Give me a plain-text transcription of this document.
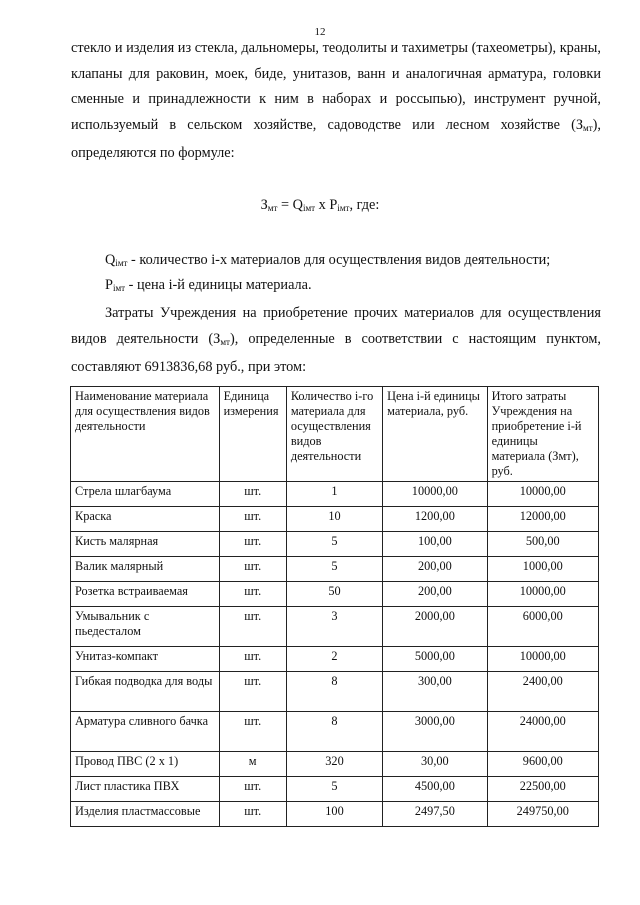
12
стекло и изделия из стекла, дальномеры, теодолиты и тахиметры (тахеометры), краны, клапаны для раковин, моек, биде, унитазов, ванн и аналогичная арматура, головки сменные и принадлежности к ним в наборах и россыпью), инструмент ручной, используемый в сельском хозяйстве, садоводстве или лесном хозяйстве $(З_{мт})$, определяются по формуле:
$З_{мт} = Q_{iмт}$ x $P_{iмт}$, где:
$Q_{iмт}$ - количество i-х материалов для осуществления видов деятельности;
$P_{iмт}$ - цена i-й единицы материала.
Затраты Учреждения на приобретение прочих материалов для осуществления видов деятельности $(З_{мт})$, определенные в соответствии с настоящим пунктом, составляют 6913836,68 руб., при этом:
Наименование материала для осуществления видов деятельности	Единица измерения	Количество i-го материала для осуществления видов деятельности	Цена i-й единицы материала, руб.	Итого затраты Учреждения на приобретение i-й единицы материала (Змт), руб.
Стрела шлагбаума	шт.	1	10000,00	10000,00
Краска	шт.	10	1200,00	12000,00
Кисть малярная	шт.	5	100,00	500,00
Валик малярный	шт.	5	200,00	1000,00
Розетка встраиваемая	шт.	50	200,00	10000,00
Умывальник с пьедесталом	шт.	3	2000,00	6000,00
Унитаз-компакт	шт.	2	5000,00	10000,00
Гибкая подводка для воды	шт.	8	300,00	2400,00
Арматура сливного бачка	шт.	8	3000,00	24000,00
Провод ПВС (2 х 1)	м	320	30,00	9600,00
Лист пластика ПВХ	шт.	5	4500,00	22500,00
Изделия пластмассовые	шт.	100	2497,50	249750,00
